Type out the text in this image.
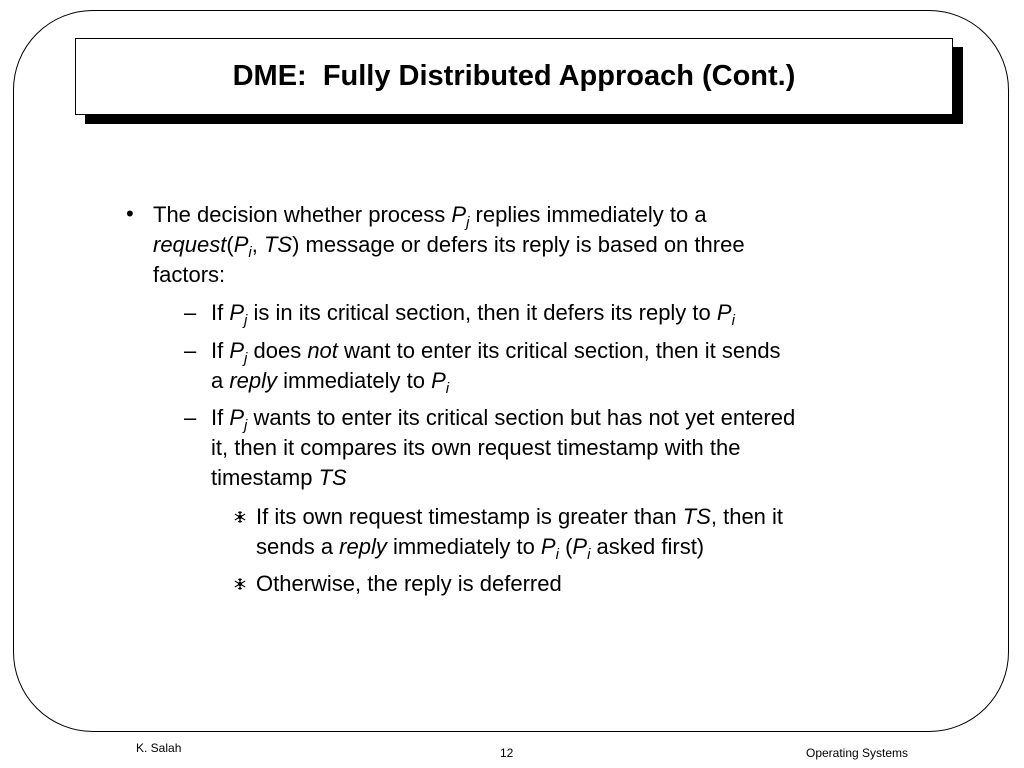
DME:  Fully Distributed Approach (Cont.)
• The decision whether process $P_j$ replies immediately to a
$request(P_i$, TS) message or defers its reply is based on three
factors:
– If $P_j$ is in its critical section, then it defers its reply to $P_i$
– If $P_j$ does not want to enter its critical section, then it sends
a reply immediately to $P_i$
– If $P_j$ wants to enter its critical section but has not yet entered
it, then it compares its own request timestamp with the
timestamp TS
If its own request timestamp is greater than TS, then it
sends a reply immediately to $P_i$ ($P_i$ asked first)
Otherwise, the reply is deferred
K. Salah	12	Operating Systems
